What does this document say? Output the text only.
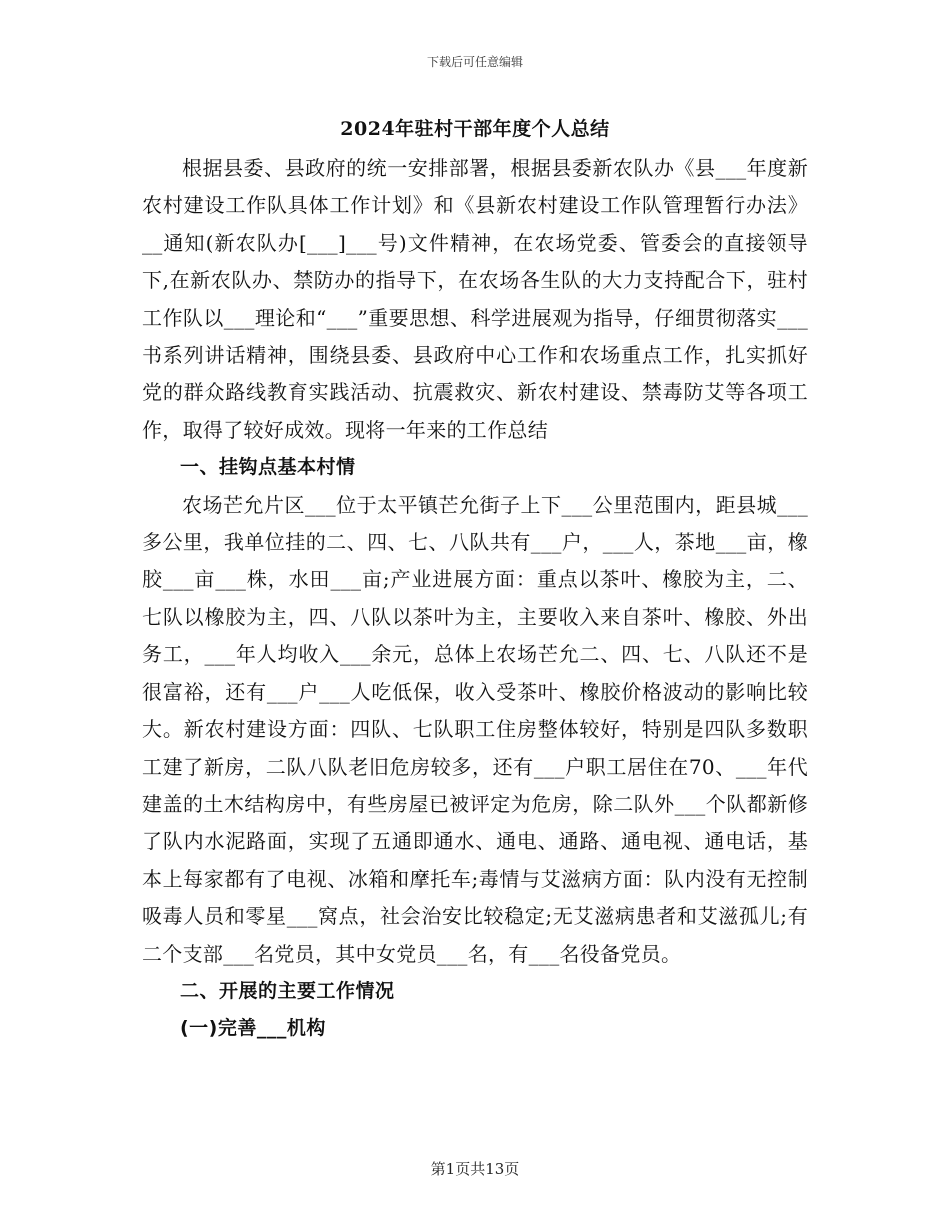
下载后可任意编辑
2024年驻村干部年度个人总结

根据县委、县政府的统一安排部署，根据县委新农队办《县___年度新农村建设工作队具体工作计划》和《县新农村建设工作队管理暂行办法》__通知(新农队办[___]___号)文件精神，在农场党委、管委会的直接领导下,在新农队办、禁防办的指导下，在农场各生队的大力支持配合下，驻村工作队以___理论和“___”重要思想、科学进展观为指导，仔细贯彻落实___书系列讲话精神，围绕县委、县政府中心工作和农场重点工作，扎实抓好党的群众路线教育实践活动、抗震救灾、新农村建设、禁毒防艾等各项工作，取得了较好成效。现将一年来的工作总结

一、挂钩点基本村情

农场芒允片区___位于太平镇芒允街子上下___公里范围内，距县城___多公里，我单位挂的二、四、七、八队共有___户，___人，茶地___亩，橡胶___亩___株，水田___亩;产业进展方面：重点以茶叶、橡胶为主，二、七队以橡胶为主，四、八队以茶叶为主，主要收入来自茶叶、橡胶、外出务工，___年人均收入___余元，总体上农场芒允二、四、七、八队还不是很富裕，还有___户___人吃低保，收入受茶叶、橡胶价格波动的影响比较大。新农村建设方面：四队、七队职工住房整体较好，特别是四队多数职工建了新房，二队八队老旧危房较多，还有___户职工居住在70、___年代建盖的土木结构房中，有些房屋已被评定为危房，除二队外___个队都新修了队内水泥路面，实现了五通即通水、通电、通路、通电视、通电话，基本上每家都有了电视、冰箱和摩托车;毒情与艾滋病方面：队内没有无控制吸毒人员和零星___窝点，社会治安比较稳定;无艾滋病患者和艾滋孤儿;有二个支部___名党员，其中女党员___名，有___名役备党员。

二、开展的主要工作情况

(一)完善___机构

第1页共13页
